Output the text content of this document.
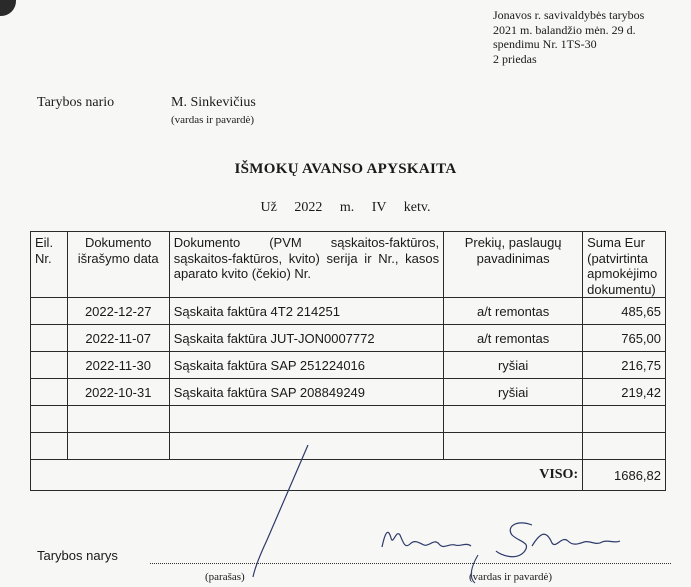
Jonavos r. savivaldybės tarybos
2021 m. balandžio mėn. 29 d.
spendimu Nr. 1TS-30
2 priedas
Tarybos nario	M. Sinkevičius
(vardas ir pavardė)
IŠMOKŲ AVANSO APYSKAITA
Už 2022 m. IV ketv.
Eil. Nr.	Dokumento išrašymo data	Dokumento (PVM sąskaitos-faktūros, sąskaitos-faktūros, kvito) serija ir Nr., kasos aparato kvito (čekio) Nr.	Prekių, paslaugų pavadinimas	Suma Eur (patvirtinta apmokėjimo dokumentu)
	2022-12-27	Sąskaita faktūra 4T2 214251	a/t remontas	485,65
	2022-11-07	Sąskaita faktūra JUT-JON0007772	a/t remontas	765,00
	2022-11-30	Sąskaita faktūra SAP 251224016	ryšiai	216,75
	2022-10-31	Sąskaita faktūra SAP 208849249	ryšiai	219,42

VISO:				1686,82
Tarybos narys
(parašas)	(vardas ir pavardė)
